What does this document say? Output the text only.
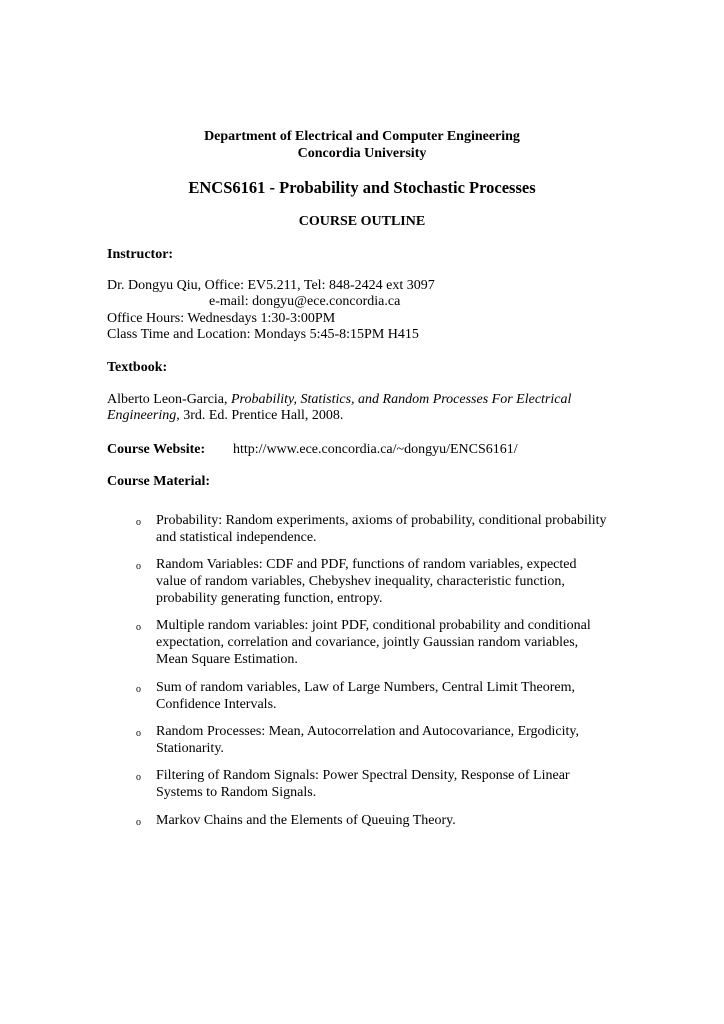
Department of Electrical and Computer Engineering

Concordia University

ENCS6161 - Probability and Stochastic Processes

COURSE OUTLINE

Instructor:

Dr. Dongyu Qiu, Office: EV5.211, Tel: 848-2424 ext 3097

e-mail: dongyu@ece.concordia.ca

Office Hours: Wednesdays 1:30-3:00PM

Class Time and Location: Mondays 5:45-8:15PM H415

Textbook:

Alberto Leon-Garcia, Probability, Statistics, and Random Processes For Electrical

Engineering, 3rd. Ed. Prentice Hall, 2008.

Course Website: http://www.ece.concordia.ca/~dongyu/ENCS6161/

Course Material:

o Probability: Random experiments, axioms of probability, conditional probability
and statistical independence.
o Random Variables: CDF and PDF, functions of random variables, expected
value of random variables, Chebyshev inequality, characteristic function,
probability generating function, entropy.
o Multiple random variables: joint PDF, conditional probability and conditional
expectation, correlation and covariance, jointly Gaussian random variables,
Mean Square Estimation.
o Sum of random variables, Law of Large Numbers, Central Limit Theorem,
Confidence Intervals.
o Random Processes: Mean, Autocorrelation and Autocovariance, Ergodicity,
Stationarity.
o Filtering of Random Signals: Power Spectral Density, Response of Linear
Systems to Random Signals.
o Markov Chains and the Elements of Queuing Theory.
